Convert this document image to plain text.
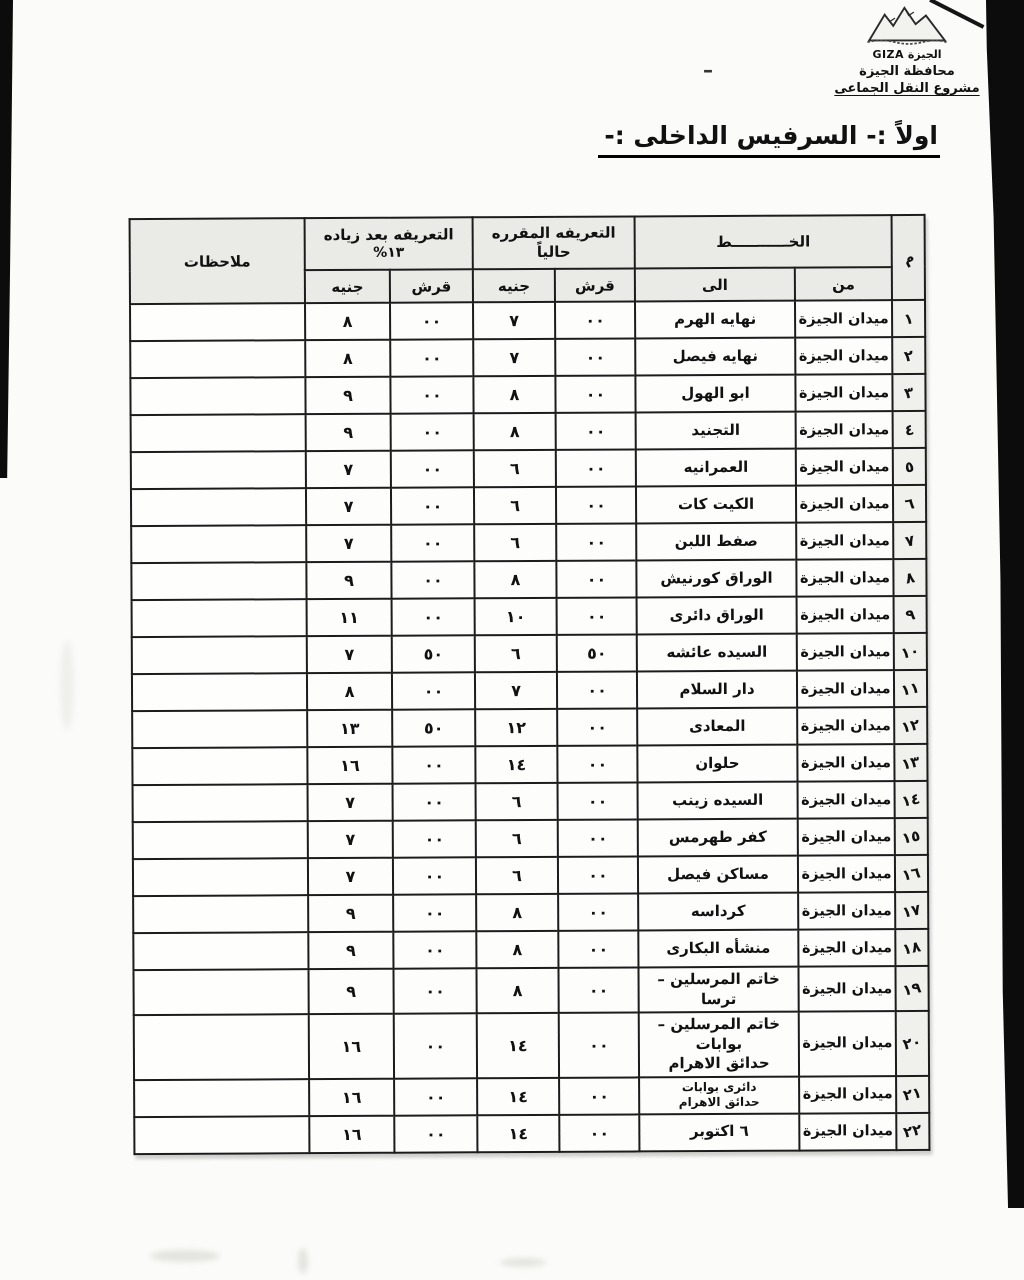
الجيزة GIZA
محافظة الجيزة
مشروع النقل الجماعى
–
اولاً :- السرفيس الداخلى :-
م	الخـــــــــــط	
التعريفه المقرره
حالياً

التعريفه بعد زياده
١٣%
	ملاحظات
	من	الى	قرش	جنيه	قرش	جنيه	
١	ميدان الجيزة	نهايه الهرم	٠٠	٧	٠٠	٨	
٢	ميدان الجيزة	نهايه فيصل	٠٠	٧	٠٠	٨	
٣	ميدان الجيزة	ابو الهول	٠٠	٨	٠٠	٩	
٤	ميدان الجيزة	التجنيد	٠٠	٨	٠٠	٩	
٥	ميدان الجيزة	العمرانيه	٠٠	٦	٠٠	٧	
٦	ميدان الجيزة	الكيت كات	٠٠	٦	٠٠	٧	
٧	ميدان الجيزة	صفط اللبن	٠٠	٦	٠٠	٧	
٨	ميدان الجيزة	الوراق كورنيش	٠٠	٨	٠٠	٩	
٩	ميدان الجيزة	الوراق دائرى	٠٠	١٠	٠٠	١١	
١٠	ميدان الجيزة	السيده عائشه	٥٠	٦	٥٠	٧	
١١	ميدان الجيزة	دار السلام	٠٠	٧	٠٠	٨	
١٢	ميدان الجيزة	المعادى	٠٠	١٢	٥٠	١٣	
١٣	ميدان الجيزة	حلوان	٠٠	١٤	٠٠	١٦	
١٤	ميدان الجيزة	السيده زينب	٠٠	٦	٠٠	٧	
١٥	ميدان الجيزة	كفر طهرمس	٠٠	٦	٠٠	٧	
١٦	ميدان الجيزة	مساكن فيصل	٠٠	٦	٠٠	٧	
١٧	ميدان الجيزة	كرداسه	٠٠	٨	٠٠	٩	
١٨	ميدان الجيزة	منشأه البكارى	٠٠	٨	٠٠	٩	
١٩	ميدان الجيزة	خاتم المرسلين –ترسا	٠٠	٨	٠٠	٩	
٢٠	ميدان الجيزة	خاتم المرسلين – بوابات
حدائق الاهرام	٠٠	١٤	٠٠	١٦	
٢١	ميدان الجيزة	دائرى بوابات
حدائق الاهرام	٠٠	١٤	٠٠	١٦	
٢٢	ميدان الجيزة	٦ اكتوبر	٠٠	١٤	٠٠	١٦	
